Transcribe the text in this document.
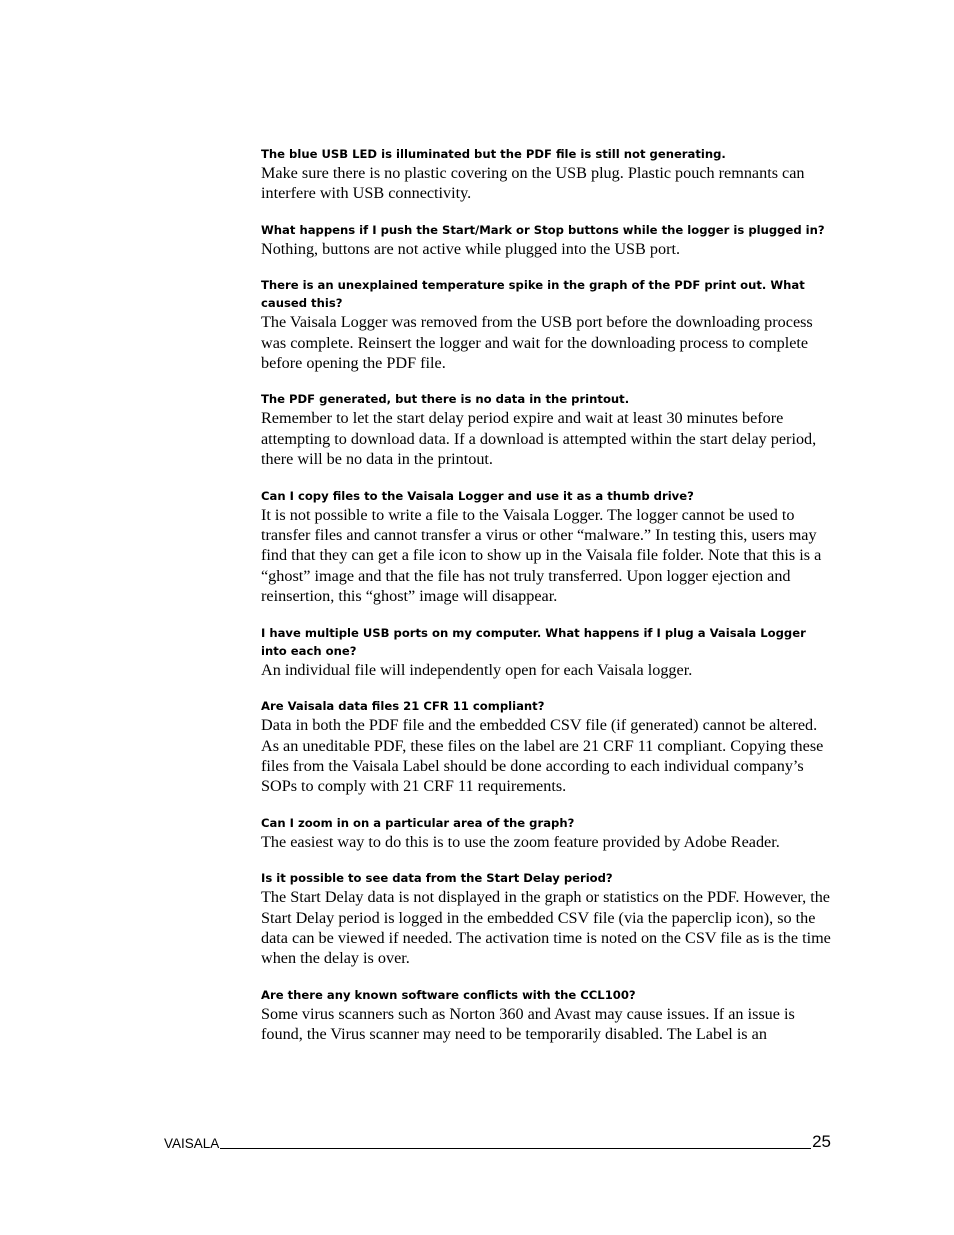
The blue USB LED is illuminated but the PDF file is still not generating.

Make sure there is no plastic covering on the USB plug. Plastic pouch remnants can interfere with USB connectivity.

What happens if I push the Start/Mark or Stop buttons while the logger is plugged in?

Nothing, buttons are not active while plugged into the USB port.

There is an unexplained temperature spike in the graph of the PDF print out. What caused this?

The Vaisala Logger was removed from the USB port before the downloading process was complete. Reinsert the logger and wait for the downloading process to complete before opening the PDF file.

The PDF generated, but there is no data in the printout.

Remember to let the start delay period expire and wait at least 30 minutes before attempting to download data. If a download is attempted within the start delay period, there will be no data in the printout.

Can I copy files to the Vaisala Logger and use it as a thumb drive?

It is not possible to write a file to the Vaisala Logger. The logger cannot be used to transfer files and cannot transfer a virus or other “malware.” In testing this, users may find that they can get a file icon to show up in the Vaisala file folder. Note that this is a “ghost” image and that the file has not truly transferred. Upon logger ejection and reinsertion, this “ghost” image will disappear.

I have multiple USB ports on my computer. What happens if I plug a Vaisala Logger into each one?

An individual file will independently open for each Vaisala logger.

Are Vaisala data files 21 CFR 11 compliant?

Data in both the PDF file and the embedded CSV file (if generated) cannot be altered. As an uneditable PDF, these files on the label are 21 CRF 11 compliant. Copying these files from the Vaisala Label should be done according to each individual company’s SOPs to comply with 21 CRF 11 requirements.

Can I zoom in on a particular area of the graph?

The easiest way to do this is to use the zoom feature provided by Adobe Reader.

Is it possible to see data from the Start Delay period?

The Start Delay data is not displayed in the graph or statistics on the PDF. However, the Start Delay period is logged in the embedded CSV file (via the paperclip icon), so the data can be viewed if needed. The activation time is noted on the CSV file as is the time when the delay is over.

Are there any known software conflicts with the CCL100?

Some virus scanners such as Norton 360 and Avast may cause issues. If an issue is found, the Virus scanner may need to be temporarily disabled. The Label is an

VAISALA	25
